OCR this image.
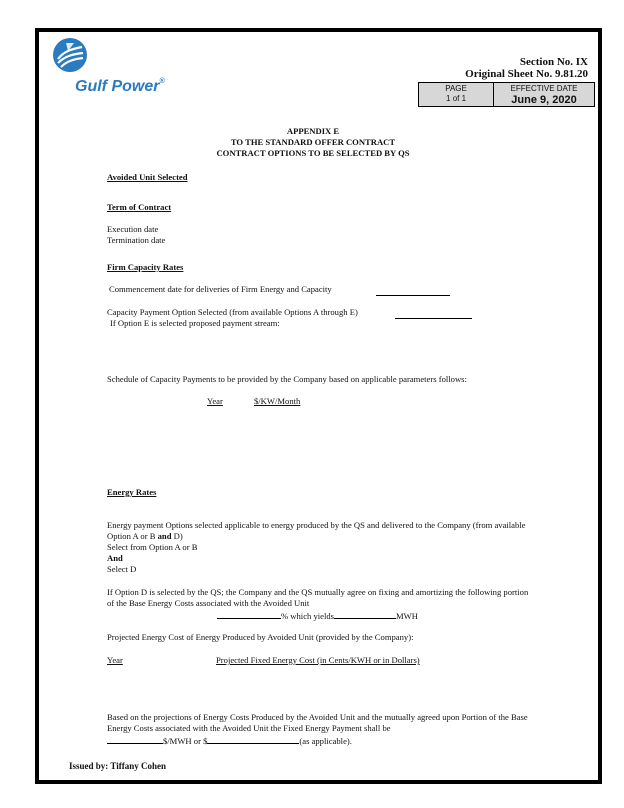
Gulf Power®
Section No. IX
Original Sheet No. 9.81.20
PAGE
1 of 1
EFFECTIVE DATE
June 9, 2020
APPENDIX E
TO THE STANDARD OFFER CONTRACT
CONTRACT OPTIONS TO BE SELECTED BY QS
Avoided Unit Selected
Term of Contract
Execution date
Termination date
Firm Capacity Rates
Commencement date for deliveries of Firm Energy and Capacity
Capacity Payment Option Selected (from available Options A through E)
If Option E is selected proposed payment stream:
Schedule of Capacity Payments to be provided by the Company based on applicable parameters follows:
Year	$/KW/Month
Energy Rates
Energy payment Options selected applicable to energy produced by the QS and delivered to the Company (from available
Option A or B and D)
Select from Option A or B
And
Select D
If Option D is selected by the QS; the Company and the QS mutually agree on fixing and amortizing the following portion
of the Base Energy Costs associated with the Avoided Unit
% which yields	MWH
Projected Energy Cost of Energy Produced by Avoided Unit (provided by the Company):
Year	Projected Fixed Energy Cost (in Cents/KWH or in Dollars)
Based on the projections of Energy Costs Produced by the Avoided Unit and the mutually agreed upon Portion of the Base
Energy Costs associated with the Avoided Unit the Fixed Energy Payment shall be
$/MWH or $	(as applicable).
Issued by: Tiffany Cohen
